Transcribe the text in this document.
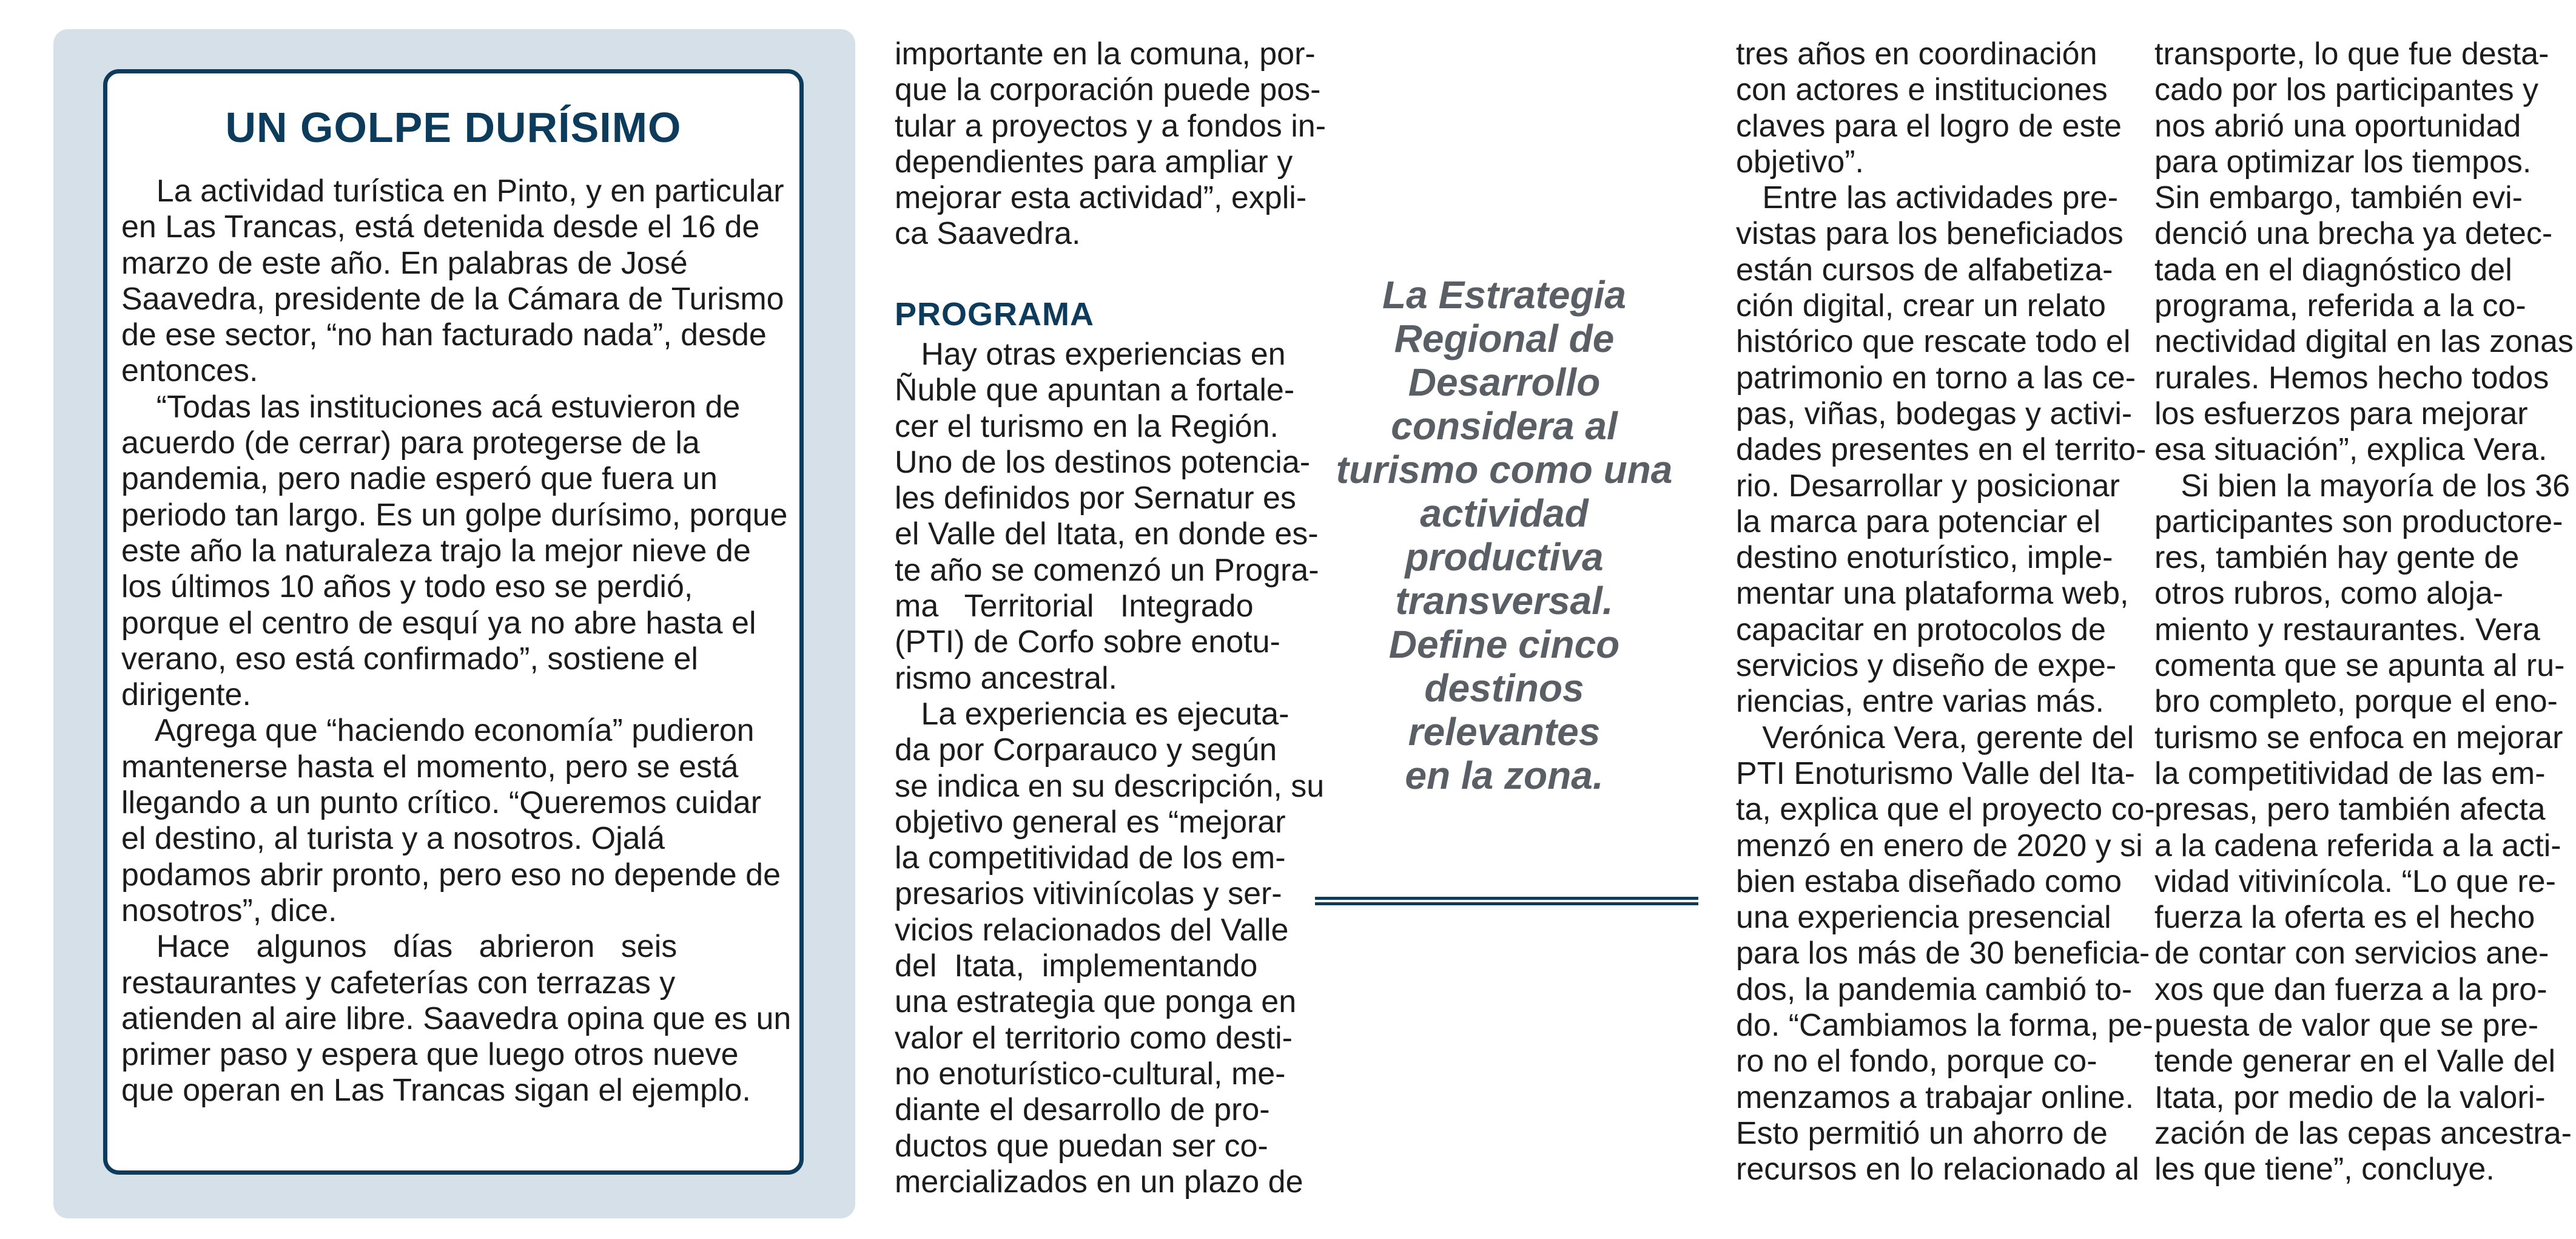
UN GOLPE DURÍSIMO
La actividad turística en Pinto, y en particular
en Las Trancas, está detenida desde el 16 de
marzo de este año. En palabras de José
Saavedra, presidente de la Cámara de Turismo
de ese sector, “no han facturado nada”, desde
entonces.
“Todas las instituciones acá estuvieron de
acuerdo (de cerrar) para protegerse de la
pandemia, pero nadie esperó que fuera un
periodo tan largo. Es un golpe durísimo, porque
este año la naturaleza trajo la mejor nieve de
los últimos 10 años y todo eso se perdió,
porque el centro de esquí ya no abre hasta el
verano, eso está confirmado”, sostiene el
dirigente.
Agrega que “haciendo economía” pudieron
mantenerse hasta el momento, pero se está
llegando a un punto crítico. “Queremos cuidar
el destino, al turista y a nosotros. Ojalá
podamos abrir pronto, pero eso no depende de
nosotros”, dice.
Hace   algunos   días   abrieron   seis
restaurantes y cafeterías con terrazas y
atienden al aire libre. Saavedra opina que es un
primer paso y espera que luego otros nueve
que operan en Las Trancas sigan el ejemplo.
importante en la comuna, por-
que la corporación puede pos-
tular a proyectos y a fondos in-
dependientes para ampliar y
mejorar esta actividad”, expli-
ca Saavedra.
PROGRAMA
Hay otras experiencias en
Ñuble que apuntan a fortale-
cer el turismo en la Región.
Uno de los destinos potencia-
les definidos por Sernatur es
el Valle del Itata, en donde es-
te año se comenzó un Progra-
ma   Territorial   Integrado
(PTI) de Corfo sobre enotu-
rismo ancestral.
La experiencia es ejecuta-
da por Corparauco y según
se indica en su descripción, su
objetivo general es “mejorar
la competitividad de los em-
presarios vitivinícolas y ser-
vicios relacionados del Valle
del  Itata,  implementando
una estrategia que ponga en
valor el territorio como desti-
no enoturístico-cultural, me-
diante el desarrollo de pro-
ductos que puedan ser co-
mercializados en un plazo de
La Estrategia
Regional de
Desarrollo
considera al
turismo como una
actividad
productiva
transversal.
Define cinco
destinos
relevantes
en la zona.
tres años en coordinación
con actores e instituciones
claves para el logro de este
objetivo”.
Entre las actividades pre-
vistas para los beneficiados
están cursos de alfabetiza-
ción digital, crear un relato
histórico que rescate todo el
patrimonio en torno a las ce-
pas, viñas, bodegas y activi-
dades presentes en el territo-
rio. Desarrollar y posicionar
la marca para potenciar el
destino enoturístico, imple-
mentar una plataforma web,
capacitar en protocolos de
servicios y diseño de expe-
riencias, entre varias más.
Verónica Vera, gerente del
PTI Enoturismo Valle del Ita-
ta, explica que el proyecto co-
menzó en enero de 2020 y si
bien estaba diseñado como
una experiencia presencial
para los más de 30 beneficia-
dos, la pandemia cambió to-
do. “Cambiamos la forma, pe-
ro no el fondo, porque co-
menzamos a trabajar online.
Esto permitió un ahorro de
recursos en lo relacionado al
transporte, lo que fue desta-
cado por los participantes y
nos abrió una oportunidad
para optimizar los tiempos.
Sin embargo, también evi-
denció una brecha ya detec-
tada en el diagnóstico del
programa, referida a la co-
nectividad digital en las zonas
rurales. Hemos hecho todos
los esfuerzos para mejorar
esa situación”, explica Vera.
Si bien la mayoría de los 36
participantes son productore-
res, también hay gente de
otros rubros, como aloja-
miento y restaurantes. Vera
comenta que se apunta al ru-
bro completo, porque el eno-
turismo se enfoca en mejorar
la competitividad de las em-
presas, pero también afecta
a la cadena referida a la acti-
vidad vitivinícola. “Lo que re-
fuerza la oferta es el hecho
de contar con servicios ane-
xos que dan fuerza a la pro-
puesta de valor que se pre-
tende generar en el Valle del
Itata, por medio de la valori-
zación de las cepas ancestra-
les que tiene”, concluye.
